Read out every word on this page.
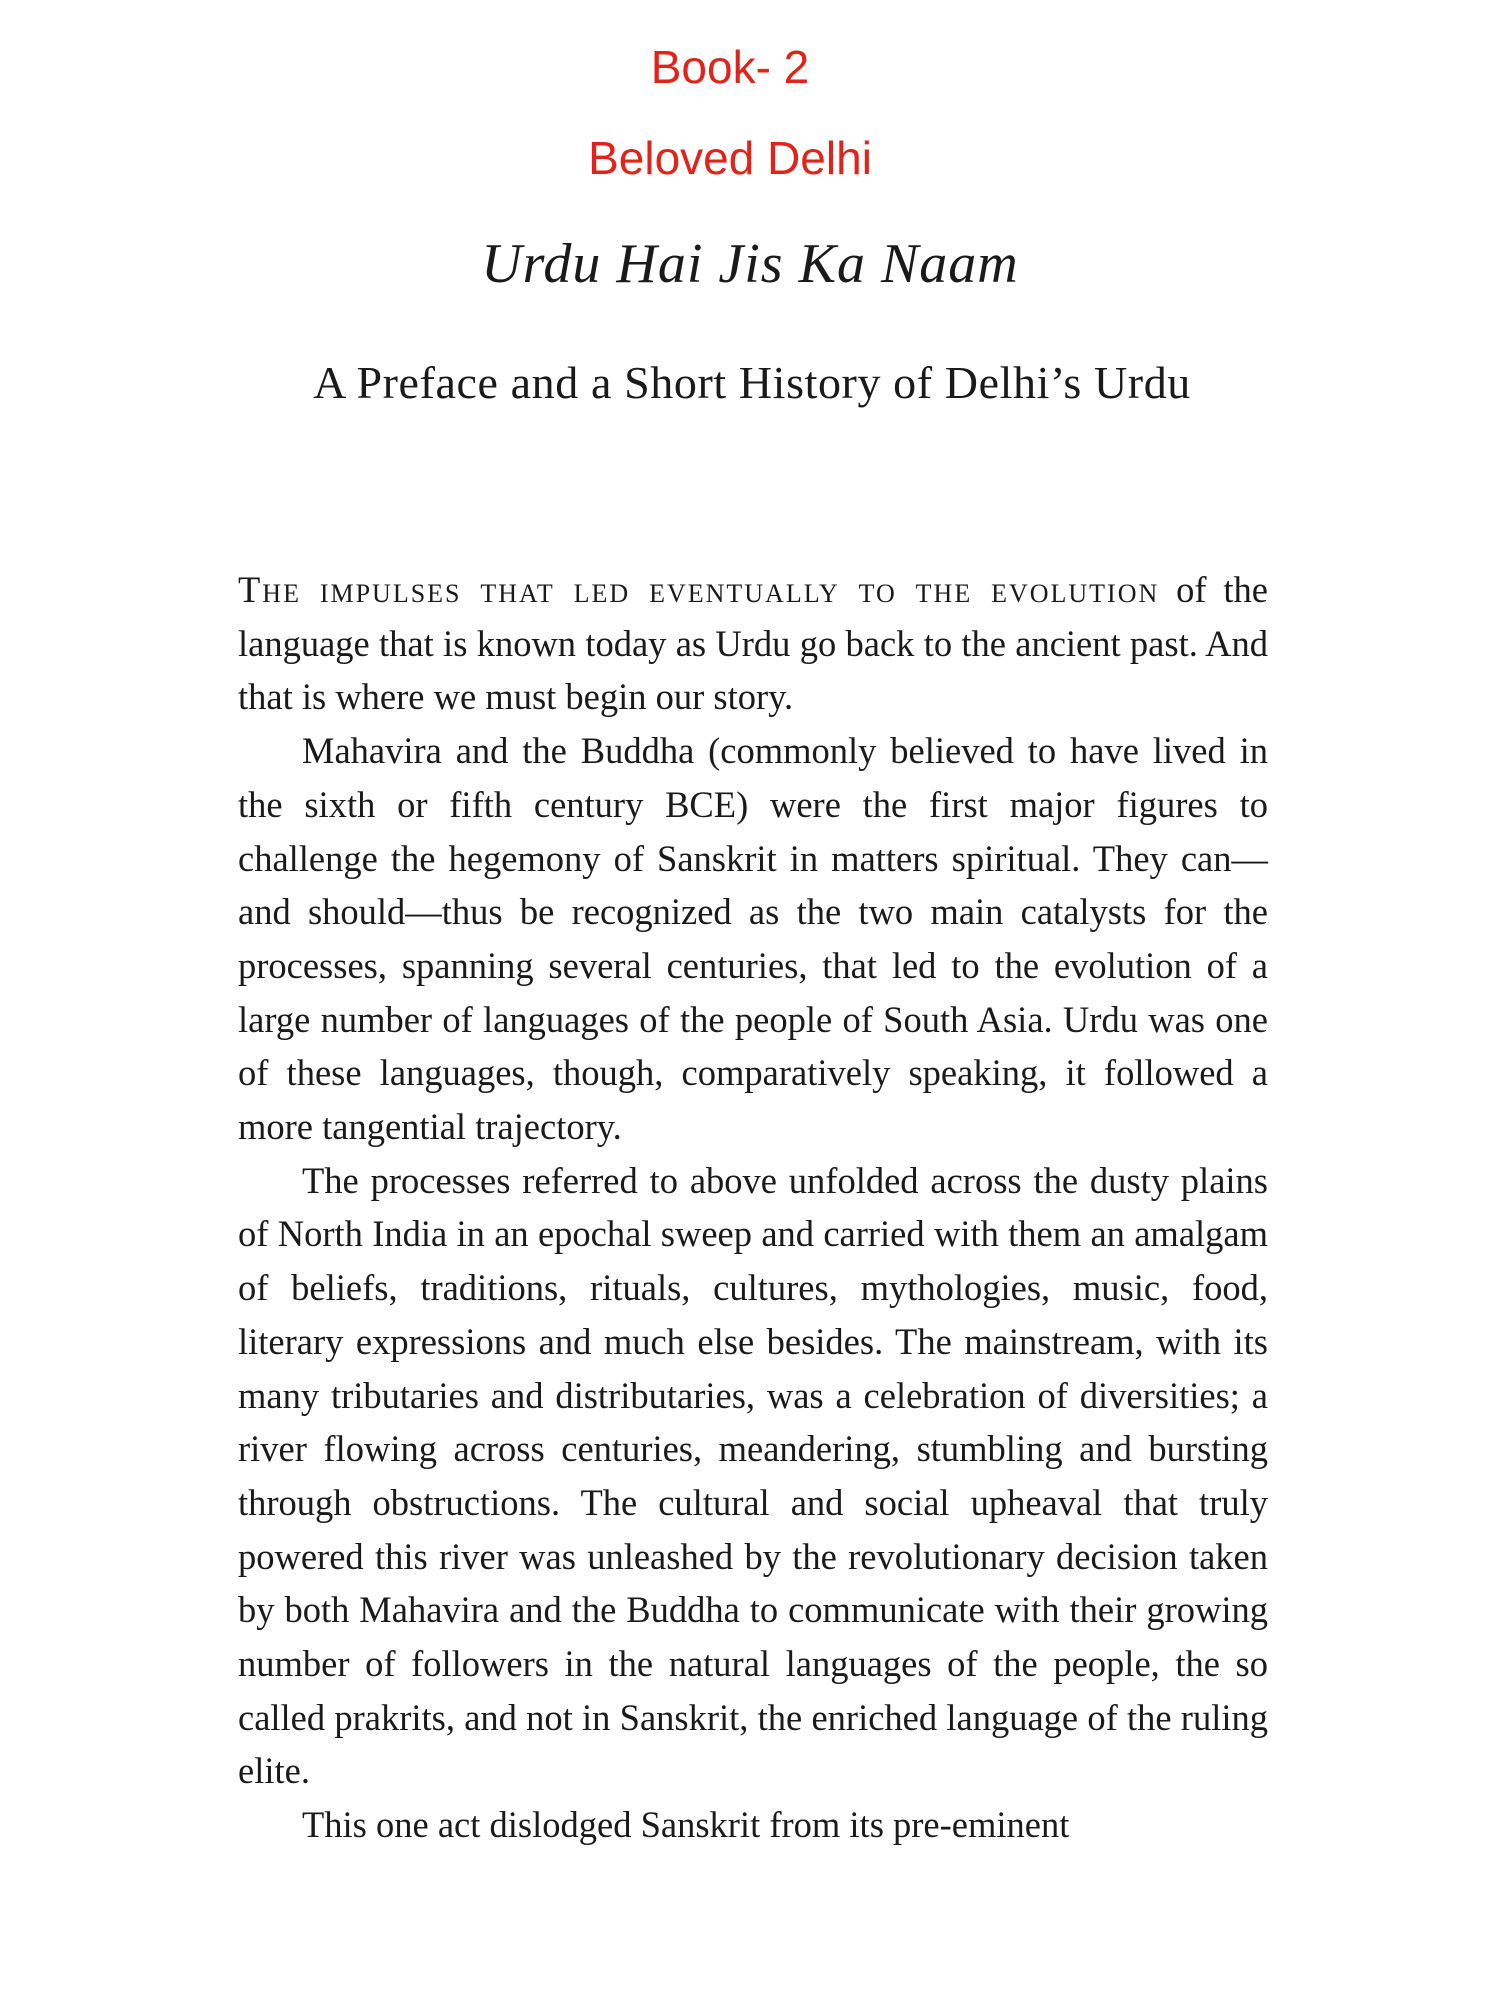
Book- 2
Beloved Delhi
Urdu Hai Jis Ka Naam
A Preface and a Short History of Delhi’s Urdu

The impulses that led eventually to the evolution of the language that is known today as Urdu go back to the ancient past. And that is where we must begin our story.

Mahavira and the Buddha (commonly believed to have lived in the sixth or fifth century BCE) were the first major figures to challenge the hegemony of Sanskrit in matters spiritual. They can—and should—thus be recognized as the two main catalysts for the processes, spanning several centuries, that led to the evolution of a large number of languages of the people of South Asia. Urdu was one of these languages, though, comparatively speaking, it followed a more tangential trajectory.

The processes referred to above unfolded across the dusty plains of North India in an epochal sweep and carried with them an amalgam of beliefs, traditions, rituals, cultures, mythologies, music, food, literary expressions and much else besides. The mainstream, with its many tributaries and distributaries, was a celebration of diversities; a river flowing across centuries, meandering, stumbling and bursting through obstructions. The cultural and social upheaval that truly powered this river was unleashed by the revolutionary decision taken by both Mahavira and the Buddha to communicate with their growing number of followers in the natural languages of the people, the so called prakrits, and not in Sanskrit, the enriched language of the ruling elite.

This one act dislodged Sanskrit from its pre-eminent
